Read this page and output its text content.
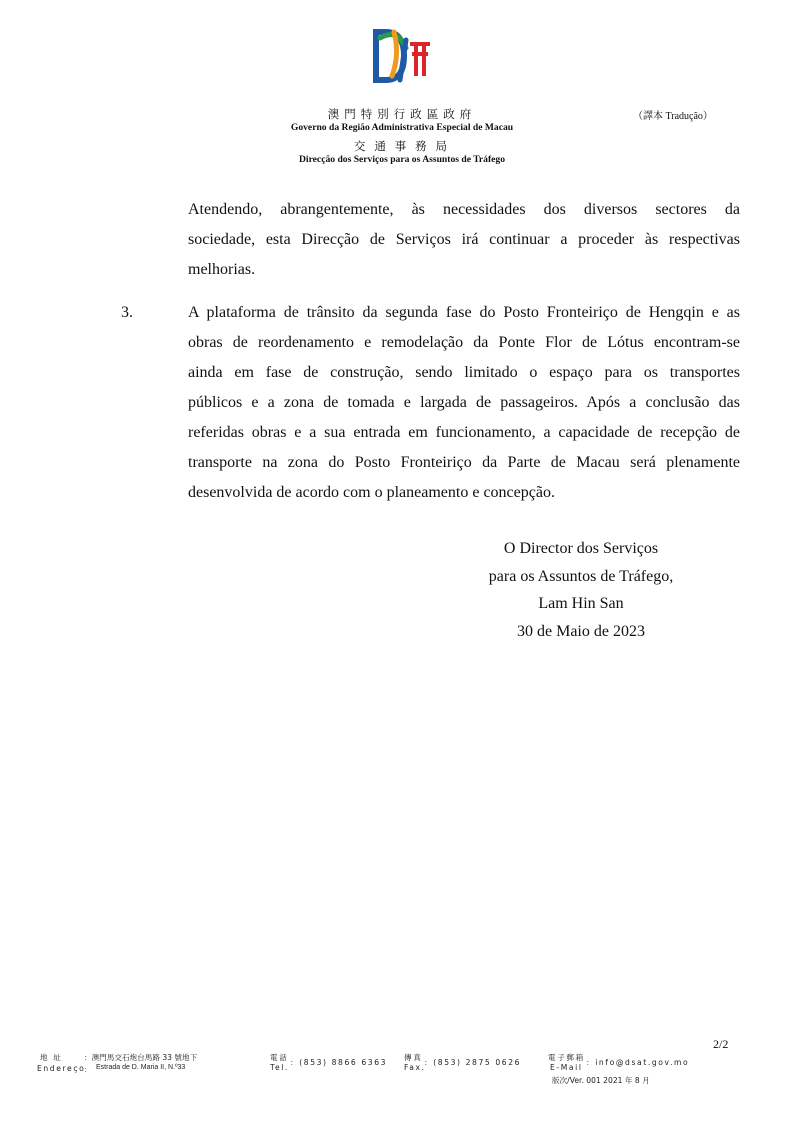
澳門特別行政區政府
Governo da Região Administrativa Especial de Macau
交 通 事 務 局
Direcção dos Serviços para os Assuntos de Tráfego
（譯本 Tradução）
Atendendo, abrangentemente, às necessidades dos diversos sectores da
sociedade, esta Direcção de Serviços irá continuar a proceder às respectivas
melhorias.
3.	A plataforma de trânsito da segunda fase do Posto Fronteiriço de Hengqin e as
obras de reordenamento e remodelação da Ponte Flor de Lótus encontram-se
ainda em fase de construção, sendo limitado o espaço para os transportes
públicos e a zona de tomada e largada de passageiros. Após a conclusão das
referidas obras e a sua entrada em funcionamento, a capacidade de recepção de
transporte na zona do Posto Fronteiriço da Parte de Macau será plenamente
desenvolvida de acordo com o planeamento e concepção.
O Director dos Serviços
para os Assuntos de Tráfego,
Lam Hin San
30 de Maio de 2023
2/2
地 址	：澳門馬交石炮台馬路 33 號地下
Endereço
： Estrada de D. Maria II, N.º33
電話
Tel.
：(853) 8866 6363
傳真
Fax.
：(853) 2875 0626
電子郵箱
E-Mail
：info@dsat.gov.mo
版次/Ver. 001 2021 年 8 月
